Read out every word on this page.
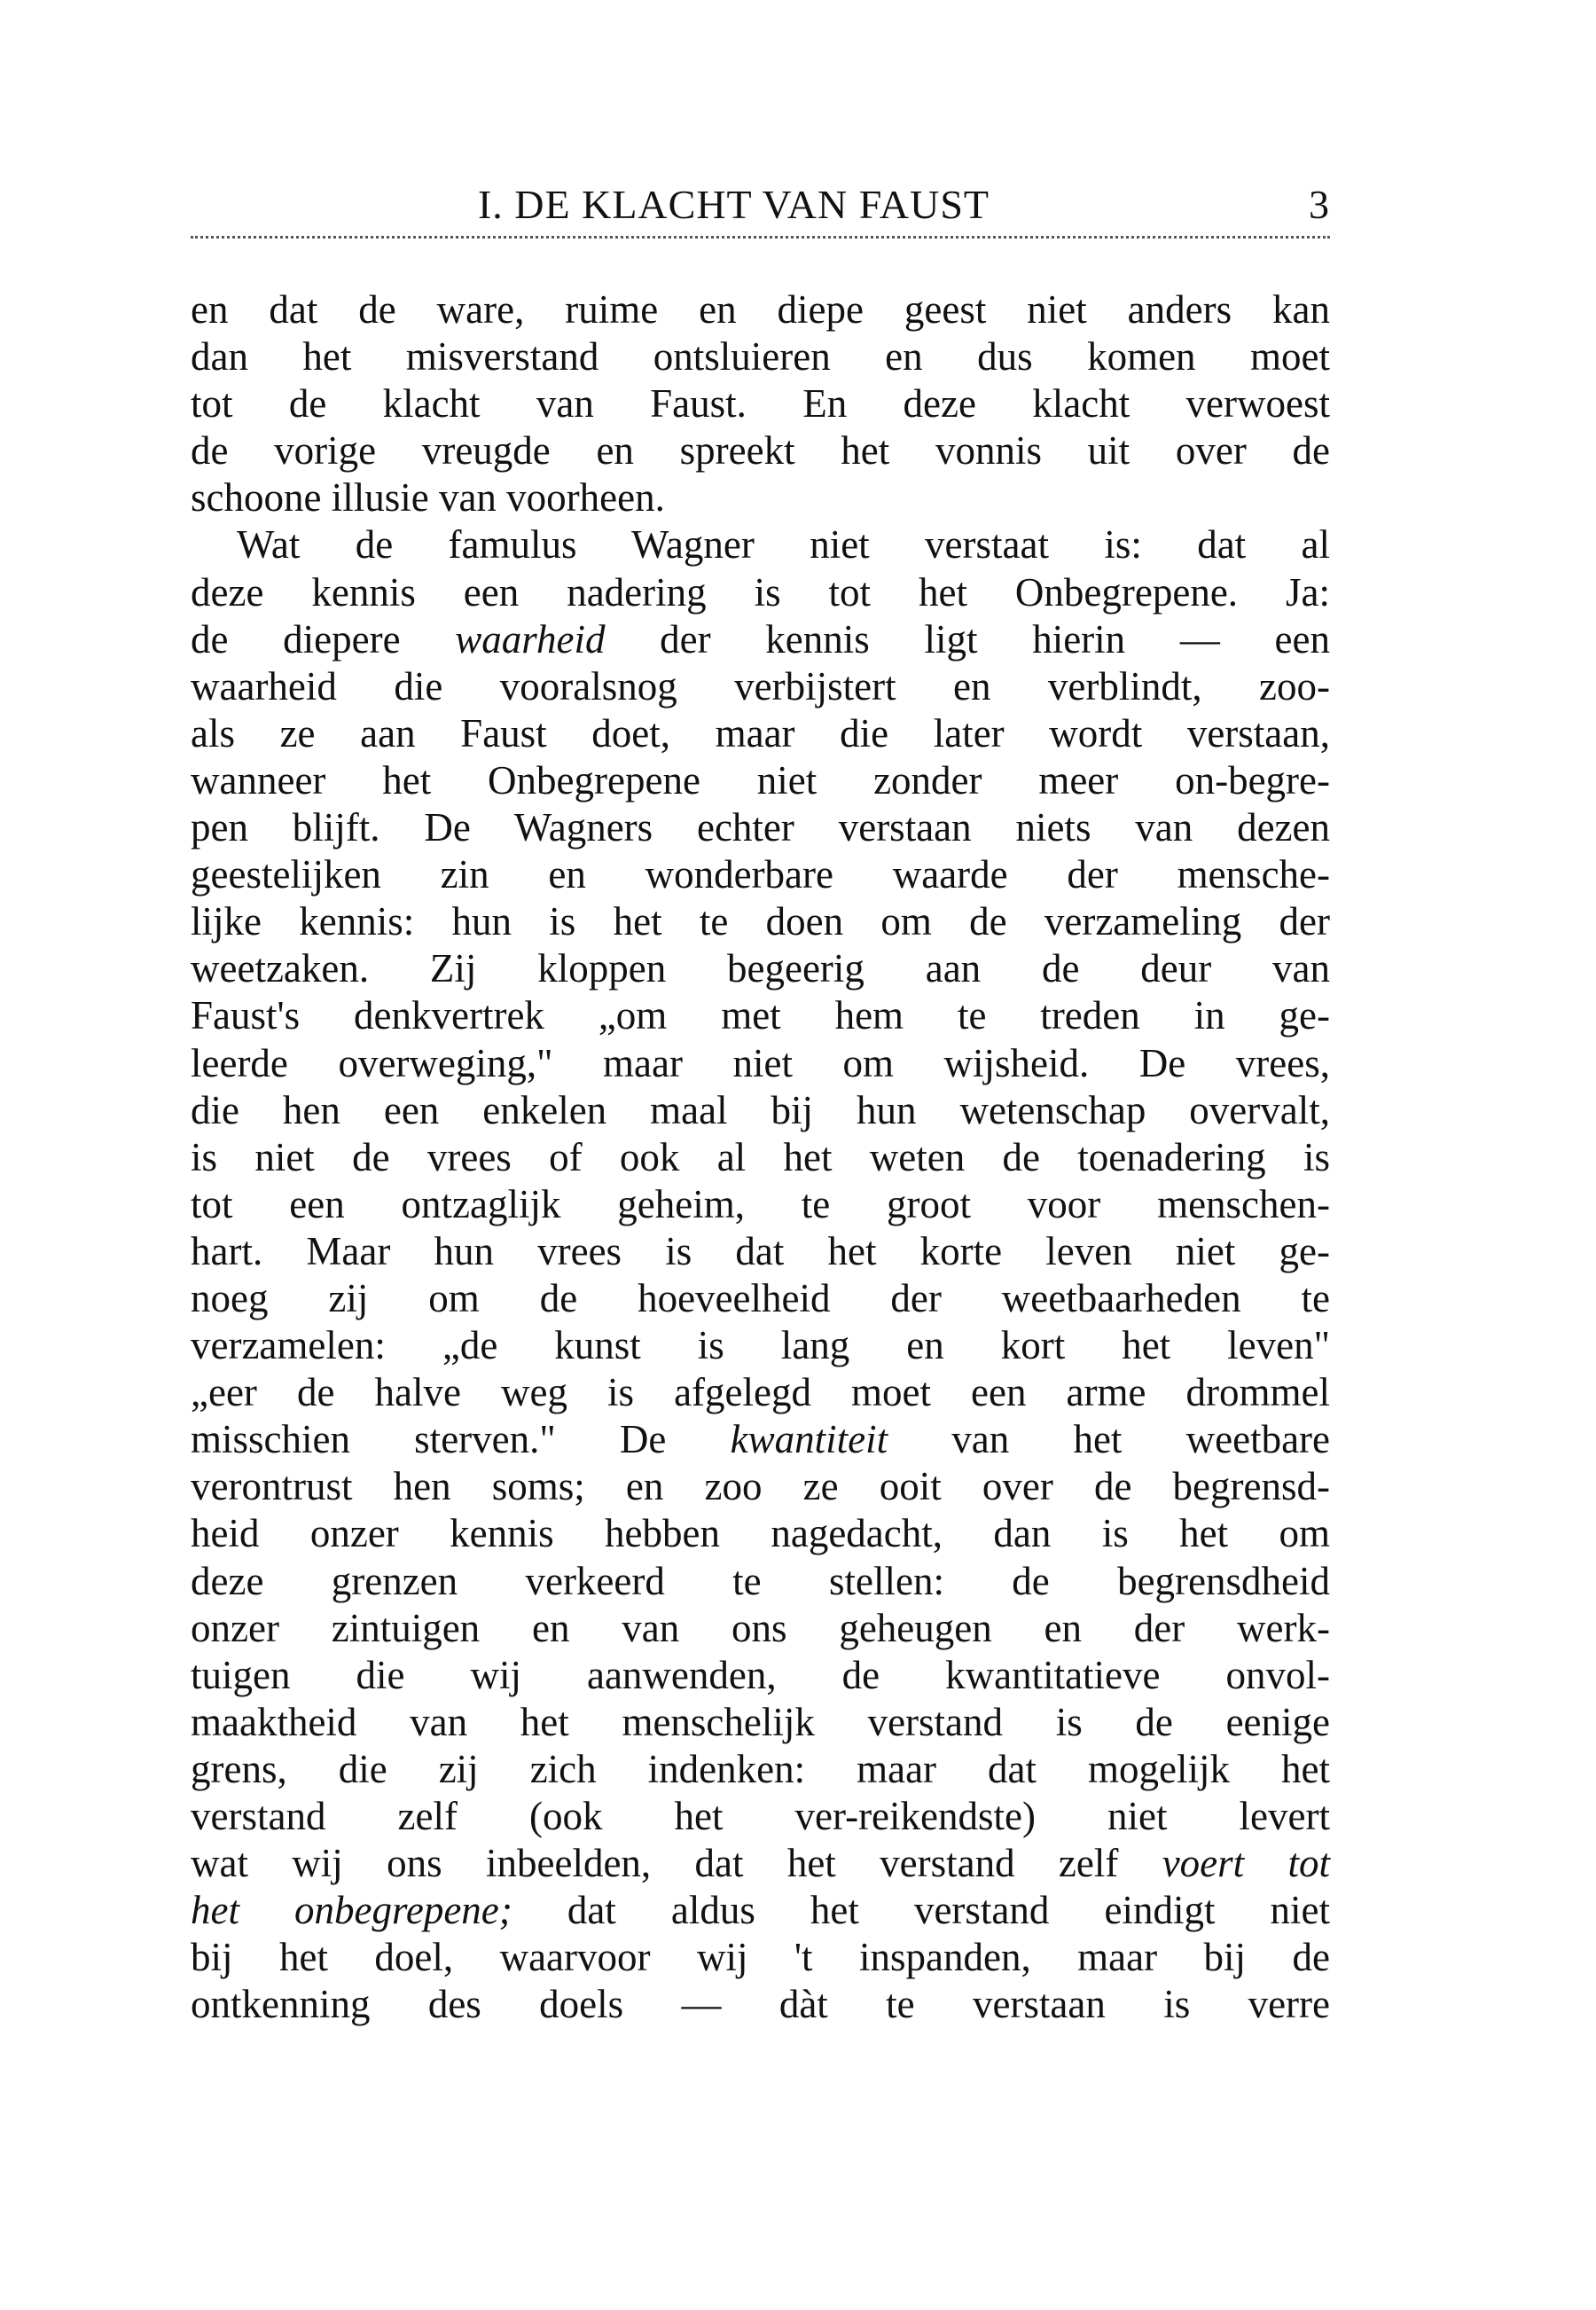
I. DE KLACHT VAN FAUST	3
en dat de ware, ruime en diepe geest niet anders kan
dan het misverstand ontsluieren en dus komen moet
tot de klacht van Faust. En deze klacht verwoest
de vorige vreugde en spreekt het vonnis uit over de
schoone illusie van voorheen.
Wat de famulus Wagner niet verstaat is: dat al
deze kennis een nadering is tot het Onbegrepene. Ja:
de diepere waarheid der kennis ligt hierin — een
waarheid die vooralsnog verbijstert en verblindt, zoo-
als ze aan Faust doet, maar die later wordt verstaan,
wanneer het Onbegrepene niet zonder meer on-begre-
pen blijft. De Wagners echter verstaan niets van dezen
geestelijken zin en wonderbare waarde der mensche-
lijke kennis: hun is het te doen om de verzameling der
weetzaken. Zij kloppen begeerig aan de deur van
Faust's denkvertrek „om met hem te treden in ge-
leerde overweging," maar niet om wijsheid. De vrees,
die hen een enkelen maal bij hun wetenschap overvalt,
is niet de vrees of ook al het weten de toenadering is
tot een ontzaglijk geheim, te groot voor menschen-
hart. Maar hun vrees is dat het korte leven niet ge-
noeg zij om de hoeveelheid der weetbaarheden te
verzamelen: „de kunst is lang en kort het leven"
„eer de halve weg is afgelegd moet een arme drommel
misschien sterven." De kwantiteit van het weetbare
verontrust hen soms; en zoo ze ooit over de begrensd-
heid onzer kennis hebben nagedacht, dan is het om
deze grenzen verkeerd te stellen: de begrensdheid
onzer zintuigen en van ons geheugen en der werk-
tuigen die wij aanwenden, de kwantitatieve onvol-
maaktheid van het menschelijk verstand is de eenige
grens, die zij zich indenken: maar dat mogelijk het
verstand zelf (ook het ver-reikendste) niet levert
wat wij ons inbeelden, dat het verstand zelf voert tot
het onbegrepene; dat aldus het verstand eindigt niet
bij het doel, waarvoor wij 't inspanden, maar bij de
ontkenning des doels — dàt te verstaan is verre
